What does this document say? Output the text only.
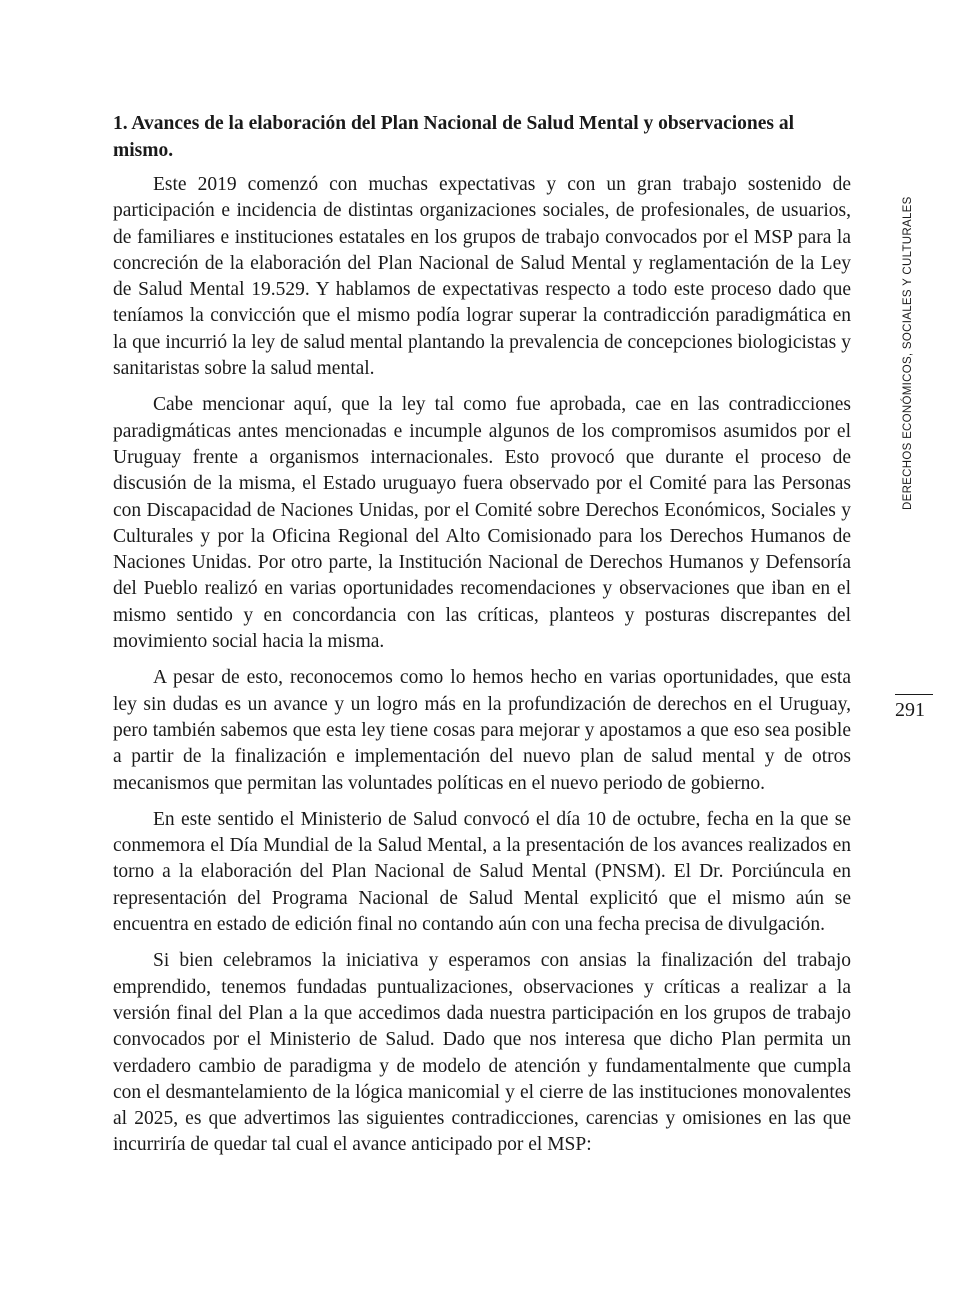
1. Avances de la elaboración del Plan Nacional de Salud Mental y observaciones al mismo.

Este 2019 comenzó con muchas expectativas y con un gran trabajo sostenido de participación e incidencia de distintas organizaciones sociales, de profesionales, de usuarios, de familiares e instituciones estatales en los grupos de trabajo convocados por el MSP para la concreción de la elaboración del Plan Nacional de Salud Mental y reglamentación de la Ley de Salud Mental 19.529. Y hablamos de expectativas respecto a todo este proceso dado que teníamos la convicción que el mismo podía lograr superar la contradicción paradigmática en la que incurrió la ley de salud mental plantando la prevalencia de concepciones biologicistas y sanitaristas sobre la salud mental.

Cabe mencionar aquí, que la ley tal como fue aprobada, cae en las contradicciones paradigmáticas antes mencionadas e incumple algunos de los compromisos asumidos por el Uruguay frente a organismos internacionales. Esto provocó que durante el proceso de discusión de la misma, el Estado uruguayo fuera observado por el Comité para las Personas con Discapacidad de Naciones Unidas, por el Comité sobre Derechos Económicos, Sociales y Culturales y por la Oficina Regional del Alto Comisionado para los Derechos Humanos de Naciones Unidas. Por otro parte, la Institución Nacional de Derechos Humanos y Defensoría del Pueblo realizó en varias oportunidades recomendaciones y observaciones que iban en el mismo sentido y en concordancia con las críticas, planteos y posturas discrepantes del movimiento social hacia la misma.

A pesar de esto, reconocemos como lo hemos hecho en varias oportunidades, que esta ley sin dudas es un avance y un logro más en la profundización de derechos en el Uruguay, pero también sabemos que esta ley tiene cosas para mejorar y apostamos a que eso sea posible a partir de la finalización e implementación del nuevo plan de salud mental y de otros mecanismos que permitan las voluntades políticas en el nuevo periodo de gobierno.

En este sentido el Ministerio de Salud convocó el día 10 de octubre, fecha en la que se conmemora el Día Mundial de la Salud Mental, a la presentación de los avances realizados en torno a la elaboración del Plan Nacional de Salud Mental (PNSM). El Dr. Porciúncula en representación del Programa Nacional de Salud Mental explicitó que el mismo aún se encuentra en estado de edición final no contando aún con una fecha precisa de divulgación.

Si bien celebramos la iniciativa y esperamos con ansias la finalización del trabajo emprendido, tenemos fundadas puntualizaciones, observaciones y críticas a realizar a la versión final del Plan a la que accedimos dada nuestra participación en los grupos de trabajo convocados por el Ministerio de Salud. Dado que nos interesa que dicho Plan permita un verdadero cambio de paradigma y de modelo de atención y fundamentalmente que cumpla con el desmantelamiento de la lógica manicomial y el cierre de las instituciones monovalentes al 2025, es que advertimos las siguientes contradicciones, carencias y omisiones en las que incurriría de quedar tal cual el avance anticipado por el MSP:

DERECHOS ECONÓMICOS, SOCIALES Y CULTURALES
291
